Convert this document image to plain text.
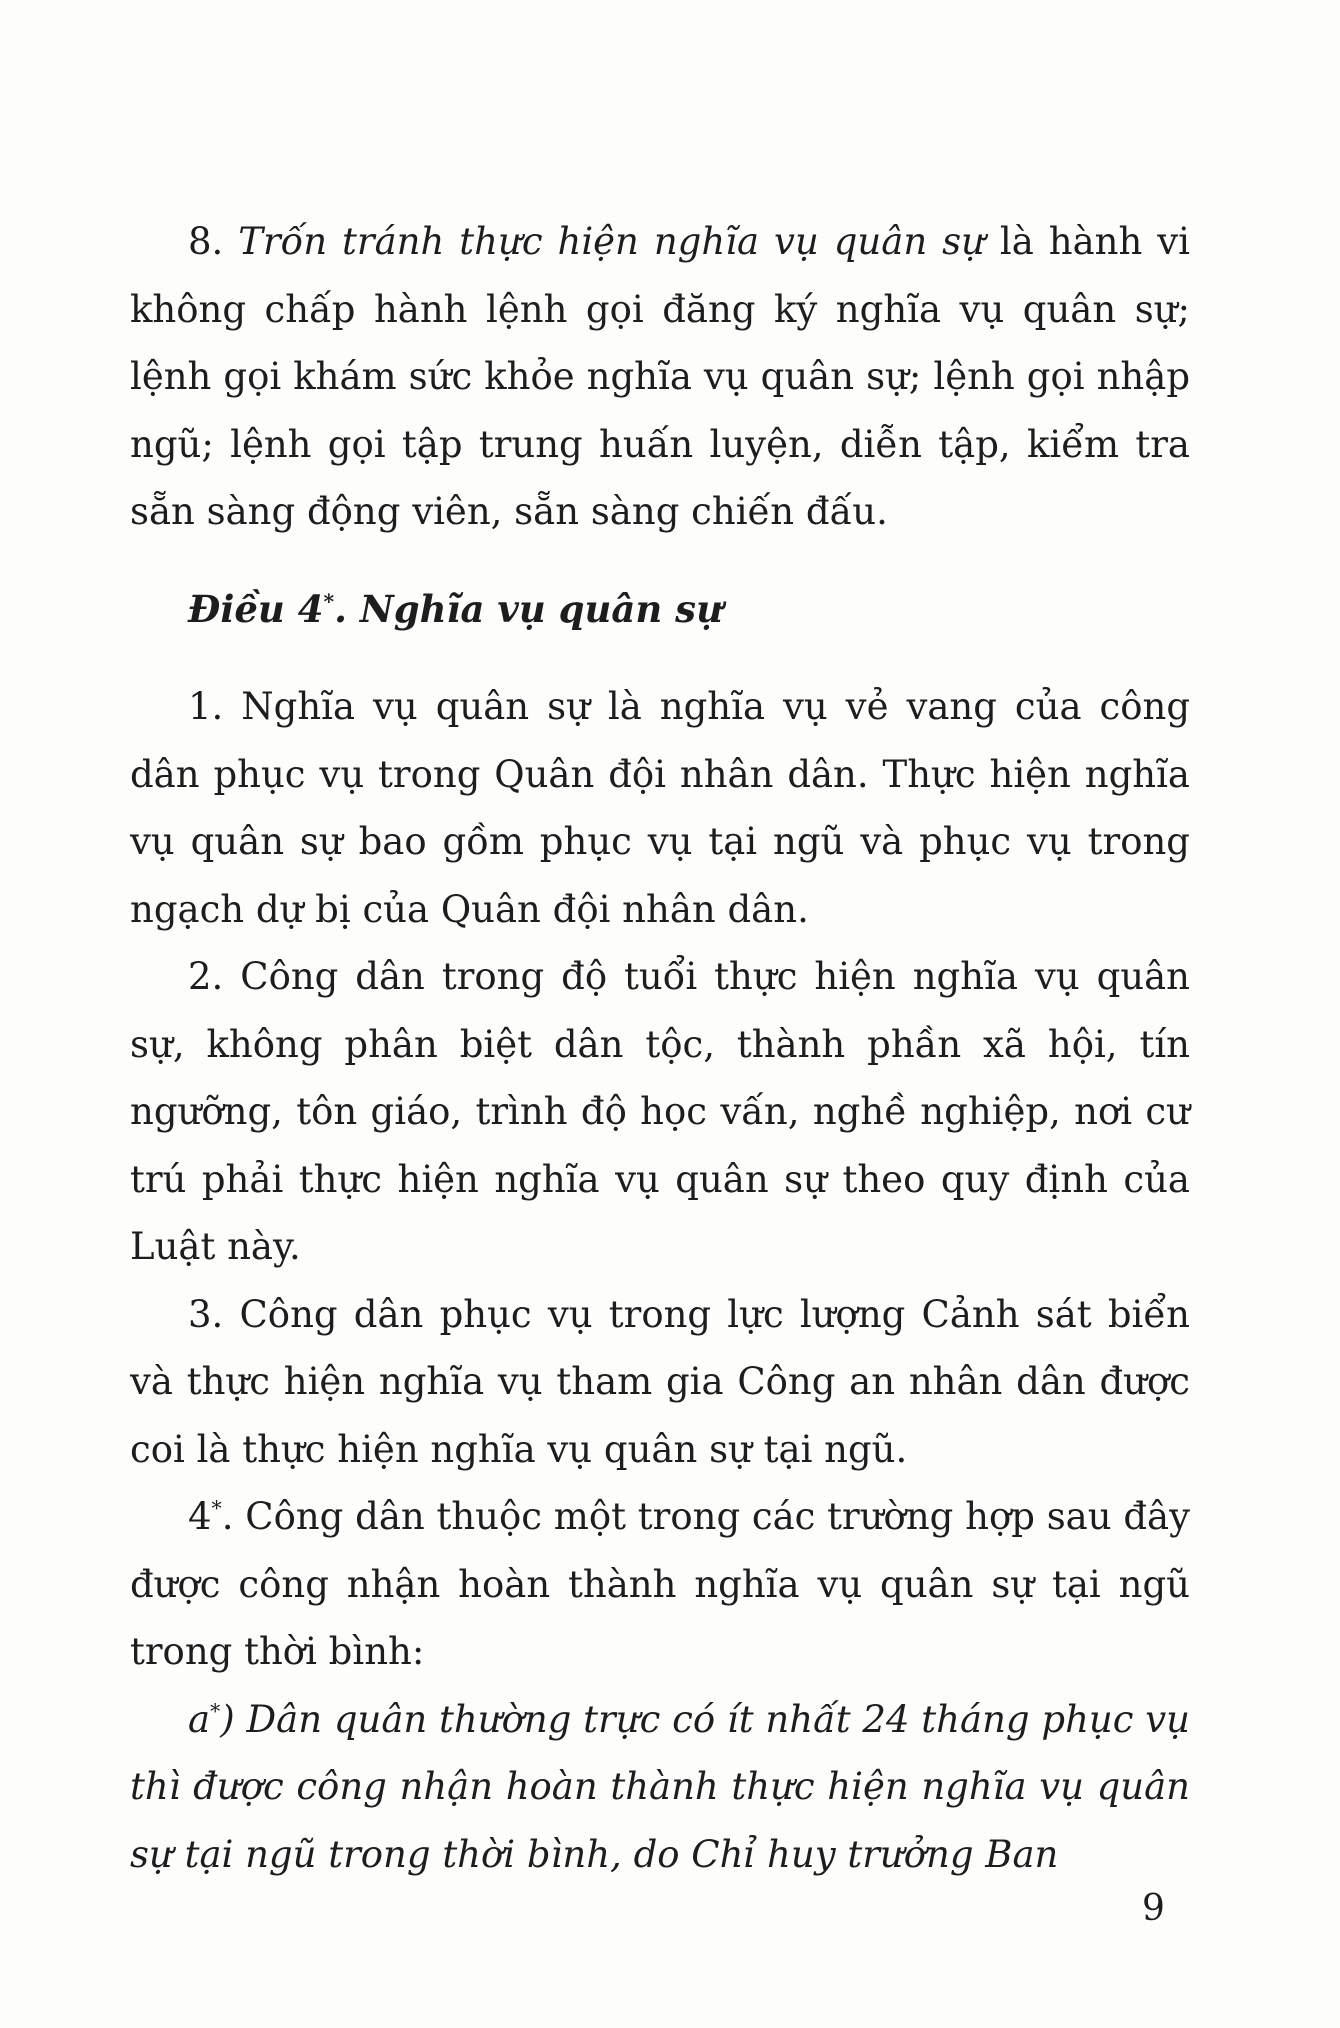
8. Trốn tránh thực hiện nghĩa vụ quân sự là hành vi không chấp hành lệnh gọi đăng ký nghĩa vụ quân sự; lệnh gọi khám sức khỏe nghĩa vụ quân sự; lệnh gọi nhập ngũ; lệnh gọi tập trung huấn luyện, diễn tập, kiểm tra sẵn sàng động viên, sẵn sàng chiến đấu.

Điều 4*. Nghĩa vụ quân sự

1. Nghĩa vụ quân sự là nghĩa vụ vẻ vang của công dân phục vụ trong Quân đội nhân dân. Thực hiện nghĩa vụ quân sự bao gồm phục vụ tại ngũ và phục vụ trong ngạch dự bị của Quân đội nhân dân.

2. Công dân trong độ tuổi thực hiện nghĩa vụ quân sự, không phân biệt dân tộc, thành phần xã hội, tín ngưỡng, tôn giáo, trình độ học vấn, nghề nghiệp, nơi cư trú phải thực hiện nghĩa vụ quân sự theo quy định của Luật này.

3. Công dân phục vụ trong lực lượng Cảnh sát biển và thực hiện nghĩa vụ tham gia Công an nhân dân được coi là thực hiện nghĩa vụ quân sự tại ngũ.

4*. Công dân thuộc một trong các trường hợp sau đây được công nhận hoàn thành nghĩa vụ quân sự tại ngũ trong thời bình:

a*) Dân quân thường trực có ít nhất 24 tháng phục vụ thì được công nhận hoàn thành thực hiện nghĩa vụ quân sự tại ngũ trong thời bình, do Chỉ huy trưởng Ban

9
